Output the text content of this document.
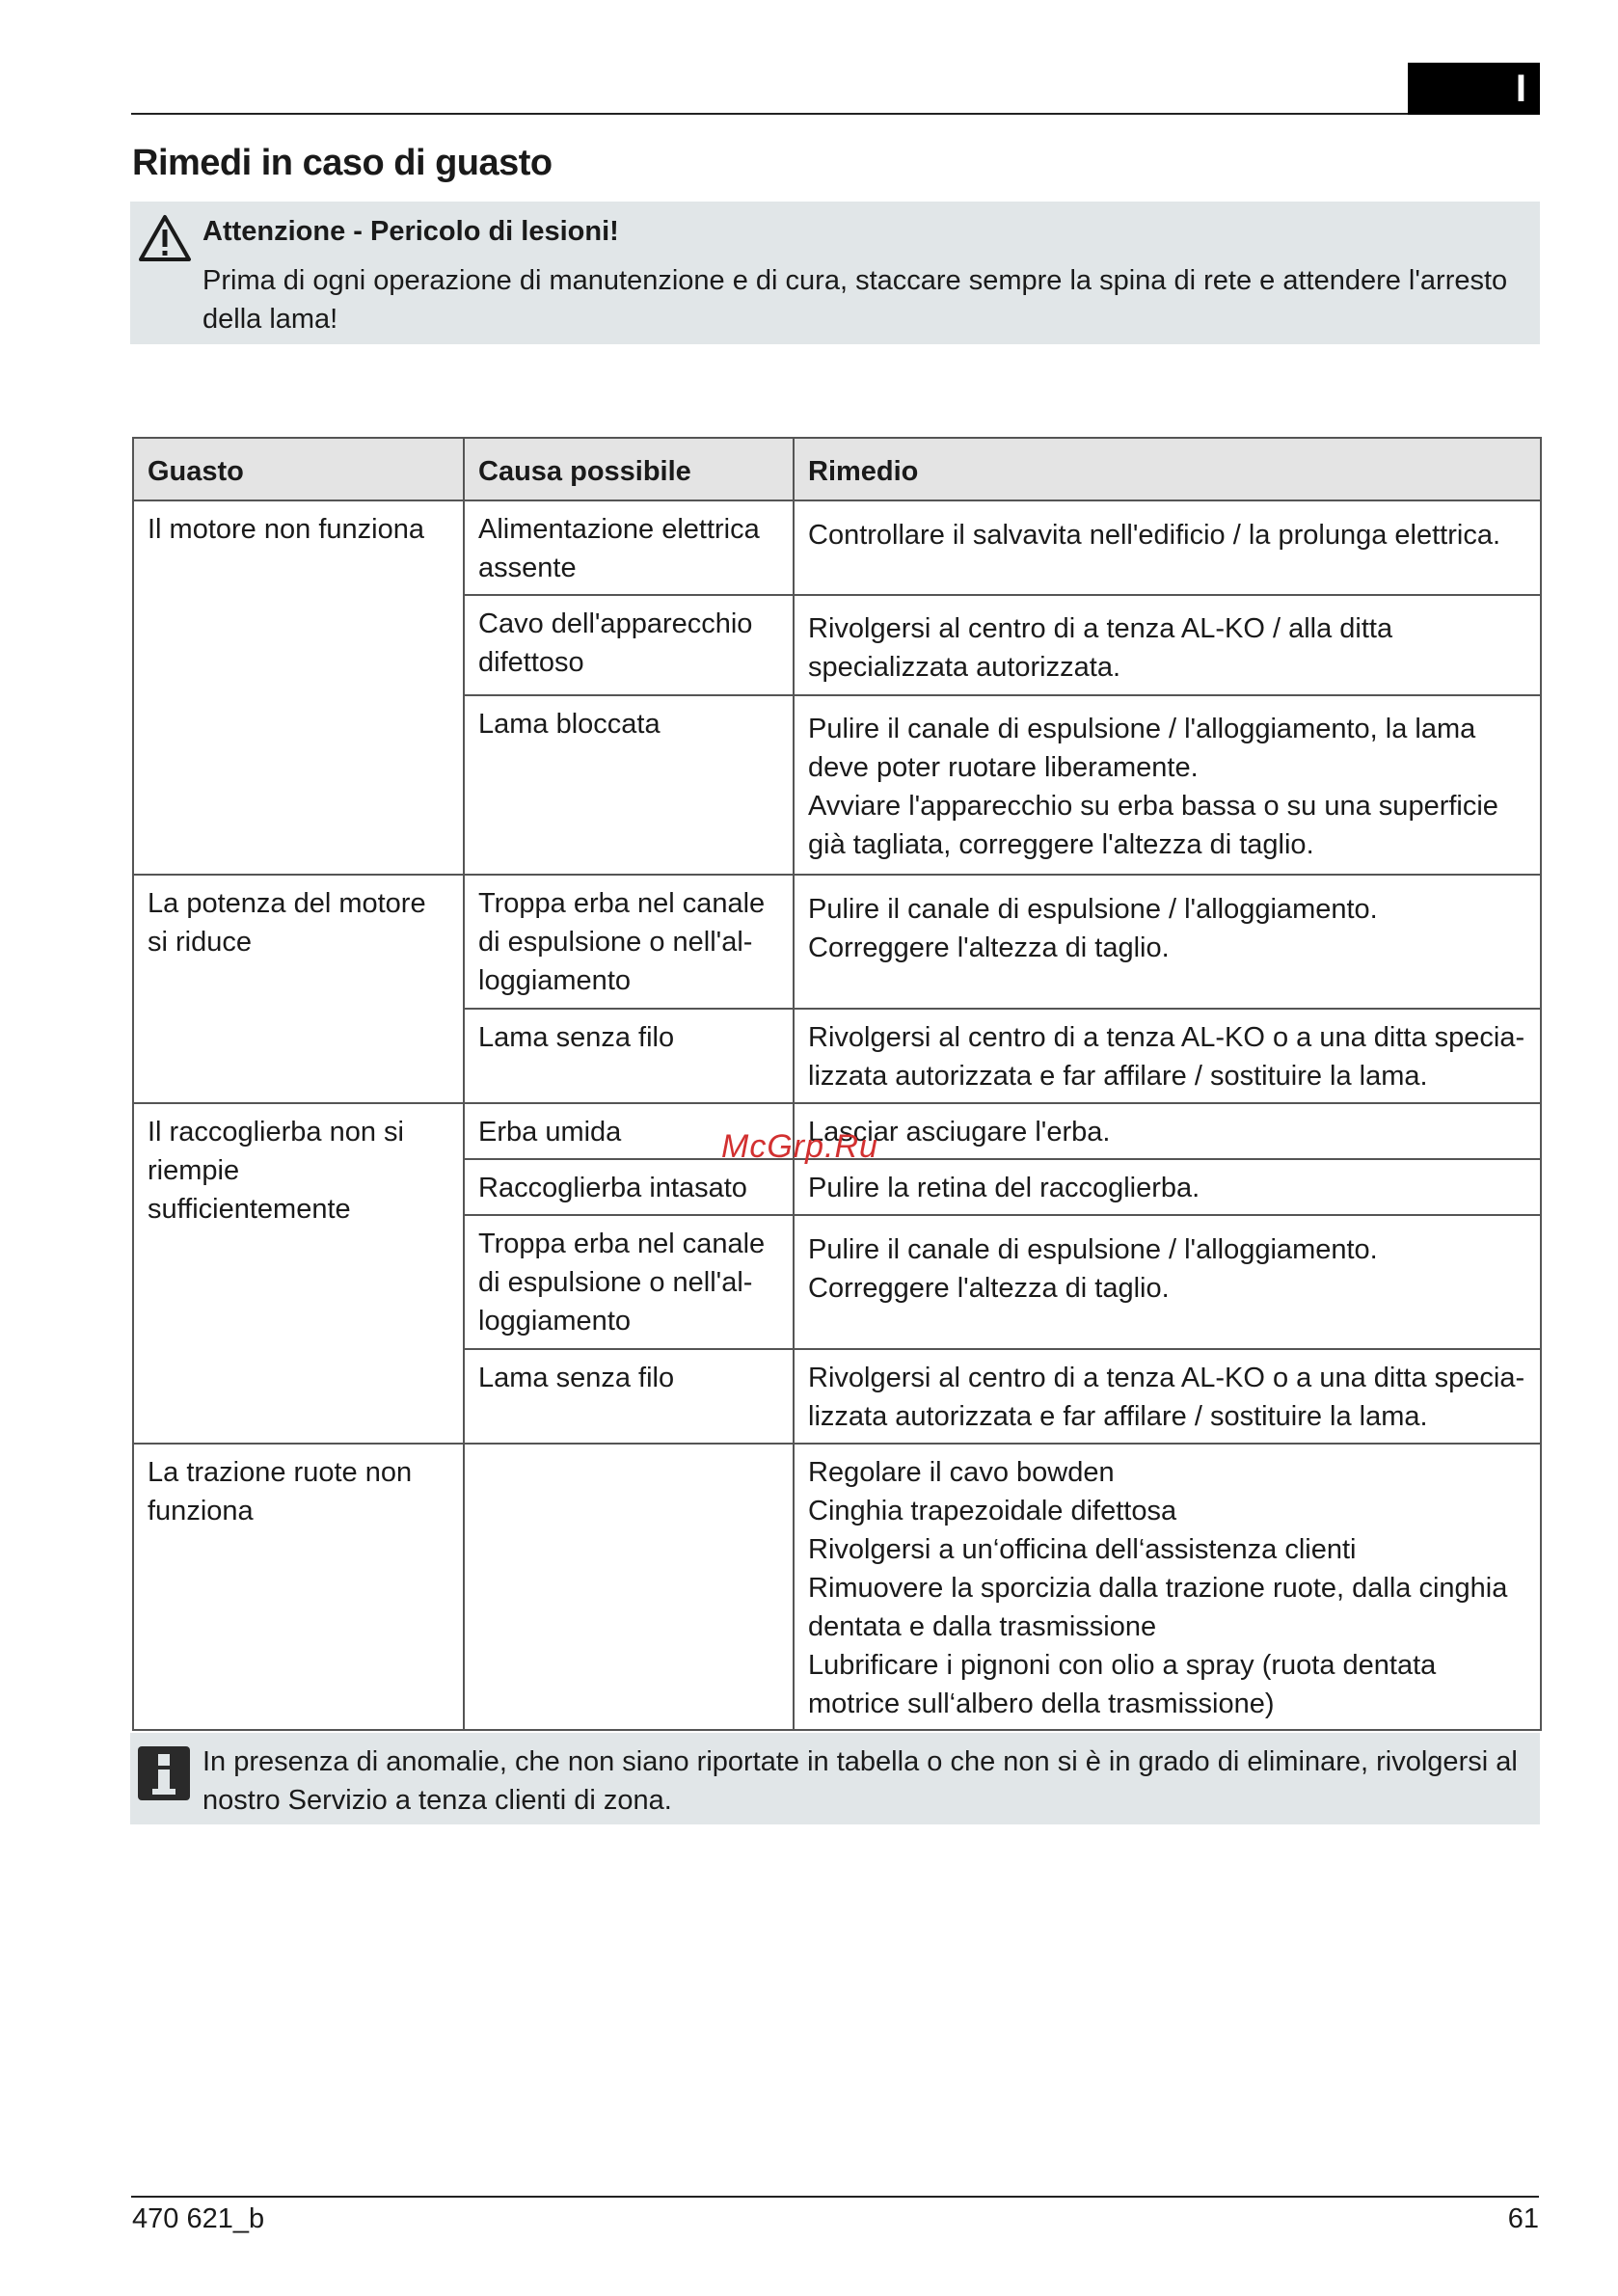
I
Rimedi in caso di guasto
Attenzione - Pericolo di lesioni!
Prima di ogni operazione di manutenzione e di cura, staccare sempre la spina di rete e attendere l'arresto della lama!
Guasto	Causa possibile	Rimedio
Il motore non funziona	Alimentazione elettrica assente	Controllare il salvavita nell'edificio / la prolunga elettrica.
	Cavo dell'apparecchio difettoso	Rivolgersi al centro di a tenza AL-KO / alla ditta specializzata autorizzata.
	Lama bloccata	Pulire il canale di espulsione / l'alloggiamento, la lama deve poter ruotare liberamente.
Avviare l'apparecchio su erba bassa o su una superficie già tagliata, correggere l'altezza di taglio.
La potenza del motore si riduce	Troppa erba nel canale di espulsione o nell'al-loggiamento	Pulire il canale di espulsione / l'alloggiamento.
Correggere l'altezza di taglio.
	Lama senza filo	Rivolgersi al centro di a tenza AL-KO o a una ditta specia-lizzata autorizzata e far affilare / sostituire la lama.
Il raccoglierba non si riempie sufficientemente	Erba umida	Lasciar asciugare l'erba.
	Raccoglierba intasato	Pulire la retina del raccoglierba.
	Troppa erba nel canale di espulsione o nell'al-loggiamento	Pulire il canale di espulsione / l'alloggiamento.
Correggere l'altezza di taglio.
	Lama senza filo	Rivolgersi al centro di a tenza AL-KO o a una ditta specia-lizzata autorizzata e far affilare / sostituire la lama.
La trazione ruote non funziona		Regolare il cavo bowden
Cinghia trapezoidale difettosa
Rivolgersi a un‘officina dell‘assistenza clienti
Rimuovere la sporcizia dalla trazione ruote, dalla cinghia dentata e dalla trasmissione
Lubrificare i pignoni con olio a spray (ruota dentata motrice sull‘albero della trasmissione)
McGrp.Ru
In presenza di anomalie, che non siano riportate in tabella o che non si è in grado di eliminare, rivolgersi al nostro Servizio a tenza clienti di zona.
470 621_b	61
